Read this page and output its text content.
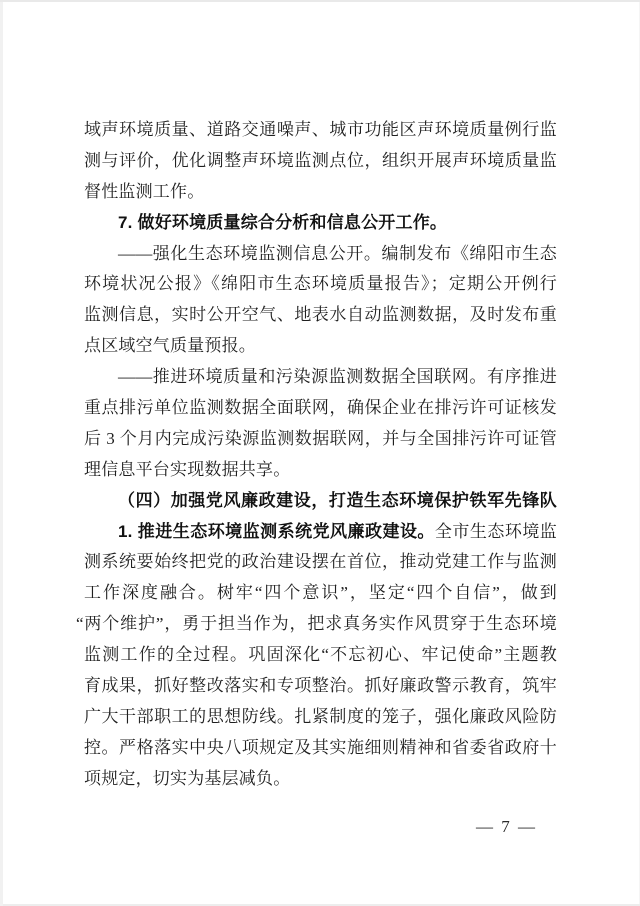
域声环境质量、道路交通噪声、城市功能区声环境质量例行监
测与评价，优化调整声环境监测点位，组织开展声环境质量监
督性监测工作。
7. 做好环境质量综合分析和信息公开工作。
——强化生态环境监测信息公开。编制发布《绵阳市生态
环境状况公报》《绵阳市生态环境质量报告》；定期公开例行
监测信息，实时公开空气、地表水自动监测数据，及时发布重
点区域空气质量预报。
——推进环境质量和污染源监测数据全国联网。有序推进
重点排污单位监测数据全面联网，确保企业在排污许可证核发
后 3 个月内完成污染源监测数据联网，并与全国排污许可证管
理信息平台实现数据共享。
（四）加强党风廉政建设，打造生态环境保护铁军先锋队
1. 推进生态环境监测系统党风廉政建设。全市生态环境监
测系统要始终把党的政治建设摆在首位，推动党建工作与监测
工作深度融合。树牢“四个意识”，坚定“四个自信”，做到
“两个维护”，勇于担当作为，把求真务实作风贯穿于生态环境
监测工作的全过程。巩固深化“不忘初心、牢记使命”主题教
育成果，抓好整改落实和专项整治。抓好廉政警示教育，筑牢
广大干部职工的思想防线。扎紧制度的笼子，强化廉政风险防
控。严格落实中央八项规定及其实施细则精神和省委省政府十
项规定，切实为基层减负。
— 7 —
